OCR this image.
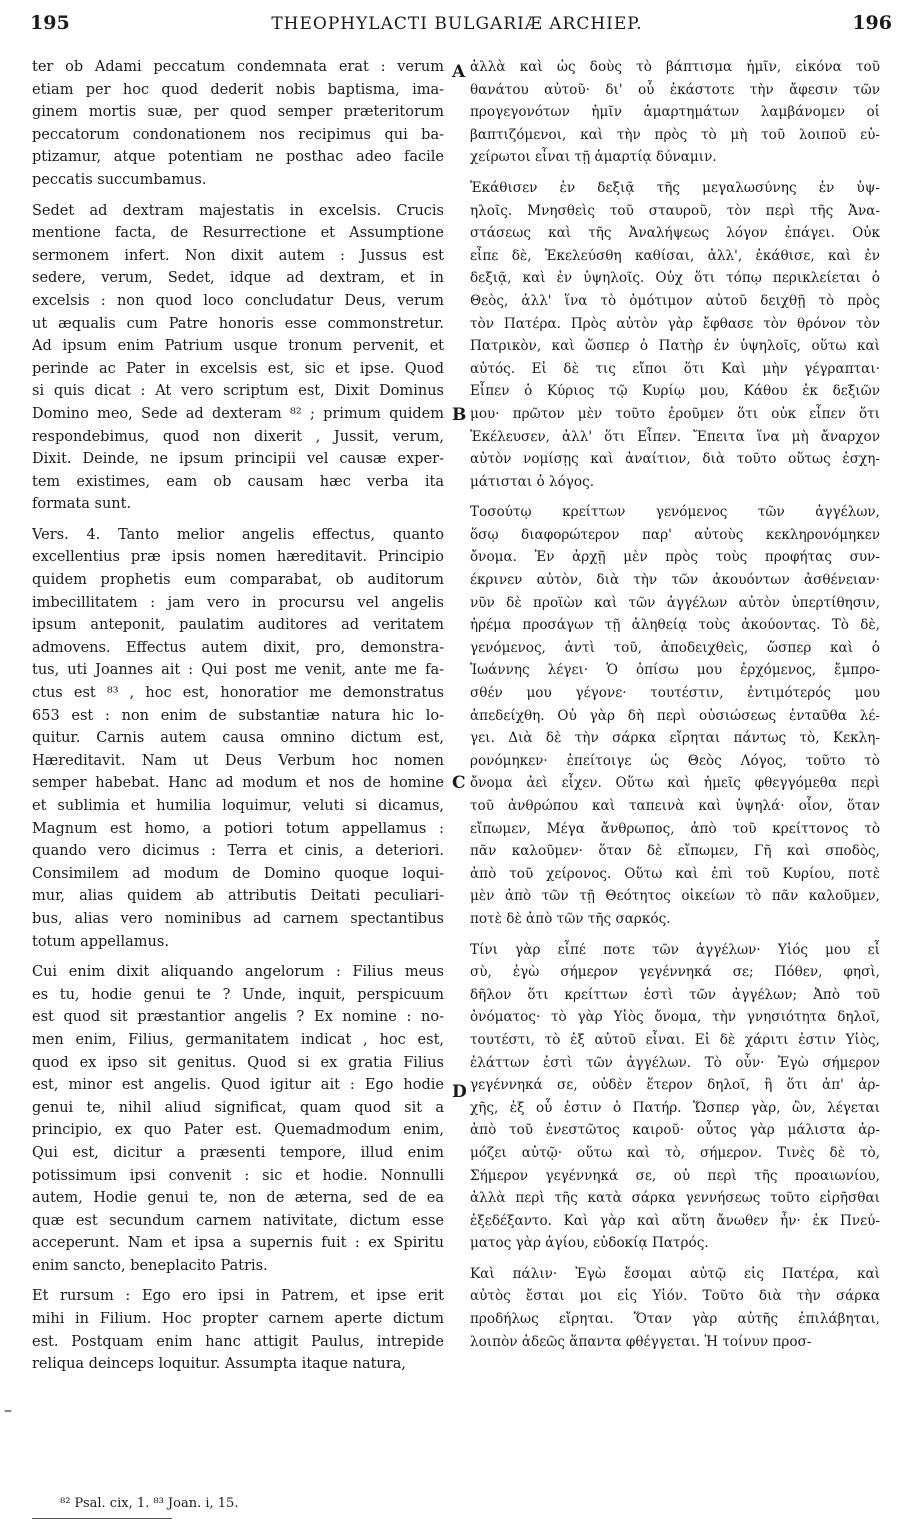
195	THEOPHYLACTI BULGARIÆ ARCHIEP.	196
ter ob Adami peccatum condemnata erat : verum
etiam per hoc quod dederit nobis baptisma, ima-
ginem mortis suæ, per quod semper præteritorum
peccatorum condonationem nos recipimus qui ba-
ptizamur, atque potentiam ne posthac adeo facile
peccatis succumbamus.
Sedet ad dextram majestatis in excelsis. Crucis
mentione facta, de Resurrectione et Assumptione
sermonem infert. Non dixit autem : Jussus est
sedere, verum, Sedet, idque ad dextram, et in
excelsis : non quod loco concludatur Deus, verum
ut æqualis cum Patre honoris esse commonstretur.
Ad ipsum enim Patrium usque tronum pervenit, et
perinde ac Pater in excelsis est, sic et ipse. Quod
si quis dicat : At vero scriptum est, Dixit Dominus
Domino meo, Sede ad dexteram ⁸² ; primum quidem
respondebimus, quod non dixerit , Jussit, verum,
Dixit. Deinde, ne ipsum principii vel causæ exper-
tem existimes, eam ob causam hæc verba ita
formata sunt.
Vers. 4. Tanto melior angelis effectus, quanto
excellentius præ ipsis nomen hæreditavit. Principio
quidem prophetis eum comparabat, ob auditorum
imbecillitatem : jam vero in procursu vel angelis
ipsum anteponit, paulatim auditores ad veritatem
admovens. Effectus autem dixit, pro, demonstra-
tus, uti Joannes ait : Qui post me venit, ante me fa-
ctus est ⁸³ , hoc est, honoratior me demonstratus
653 est : non enim de substantiæ natura hic lo-
quitur. Carnis autem causa omnino dictum est,
Hæreditavit. Nam ut Deus Verbum hoc nomen
semper habebat. Hanc ad modum et nos de homine
et sublimia et humilia loquimur, veluti si dicamus,
Magnum est homo, a potiori totum appellamus :
quando vero dicimus : Terra et cinis, a deteriori.
Consimilem ad modum de Domino quoque loqui-
mur, alias quidem ab attributis Deitati peculiari-
bus, alias vero nominibus ad carnem spectantibus
totum appellamus.
Cui enim dixit aliquando angelorum : Filius meus
es tu, hodie genui te ? Unde, inquit, perspicuum
est quod sit præstantior angelis ? Ex nomine : no-
men enim, Filius, germanitatem indicat , hoc est,
quod ex ipso sit genitus. Quod si ex gratia Filius
est, minor est angelis. Quod igitur ait : Ego hodie
genui te, nihil aliud significat, quam quod sit a
principio, ex quo Pater est. Quemadmodum enim,
Qui est, dicitur a præsenti tempore, illud enim
potissimum ipsi convenit : sic et hodie. Nonnulli
autem, Hodie genui te, non de æterna, sed de ea
quæ est secundum carnem nativitate, dictum esse
acceperunt. Nam et ipsa a supernis fuit : ex Spiritu
enim sancto, beneplacito Patris.
Et rursum : Ego ero ipsi in Patrem, et ipse erit
mihi in Filium. Hoc propter carnem aperte dictum
est. Postquam enim hanc attigit Paulus, intrepide
reliqua deinceps loquitur. Assumpta itaque natura,
ἀλλὰ καὶ ὡς δοὺς τὸ βάπτισμα ἡμῖν, εἰκόνα τοῦ
θανάτου αὐτοῦ· δι' οὗ ἑκάστοτε τὴν ἄφεσιν τῶν
προγεγονότων ἡμῖν ἁμαρτημάτων λαμβάνομεν οἱ
βαπτιζόμενοι, καὶ τὴν πρὸς τὸ μὴ τοῦ λοιποῦ εὐ-
χείρωτοι εἶναι τῇ ἁμαρτίᾳ δύναμιν.
Ἐκάθισεν ἐν δεξιᾷ τῆς μεγαλωσύνης ἐν ὑψ-
ηλοῖς. Μνησθεὶς τοῦ σταυροῦ, τὸν περὶ τῆς Ἀνα-
στάσεως καὶ τῆς Ἀναλήψεως λόγον ἐπάγει. Οὐκ
εἶπε δὲ, Ἐκελεύσθη καθίσαι, ἀλλ', ἐκάθισε, καὶ ἐν
δεξιᾷ, καὶ ἐν ὑψηλοῖς. Οὐχ ὅτι τόπῳ περικλείεται ὁ
Θεὸς, ἀλλ' ἵνα τὸ ὁμότιμον αὐτοῦ δειχθῇ τὸ πρὸς
τὸν Πατέρα. Πρὸς αὐτὸν γὰρ ἔφθασε τὸν θρόνον τὸν
Πατρικὸν, καὶ ὥσπερ ὁ Πατὴρ ἐν ὑψηλοῖς, οὕτω καὶ
αὐτός. Εἰ δὲ τις εἴποι ὅτι Καὶ μὴν γέγραπται·
Εἶπεν ὁ Κύριος τῷ Κυρίῳ μου, Κάθου ἐκ δεξιῶν
μου· πρῶτον μὲν τοῦτο ἐροῦμεν ὅτι οὐκ εἶπεν ὅτι
Ἐκέλευσεν, ἀλλ' ὅτι Εἶπεν. Ἔπειτα ἵνα μὴ ἄναρχον
αὐτὸν νομίσῃς καὶ ἀναίτιον, διὰ τοῦτο οὕτως ἐσχη-
μάτισται ὁ λόγος.
Τοσούτῳ κρείττων γενόμενος τῶν ἀγγέλων,
ὅσῳ διαφορώτερον παρ' αὐτοὺς κεκληρονόμηκεν
ὄνομα. Ἐν ἀρχῇ μὲν πρὸς τοὺς προφήτας συν-
έκρινεν αὐτὸν, διὰ τὴν τῶν ἀκουόντων ἀσθένειαν·
νῦν δὲ προϊὼν καὶ τῶν ἀγγέλων αὐτὸν ὑπερτίθησιν,
ἠρέμα προσάγων τῇ ἀληθείᾳ τοὺς ἀκούοντας. Τὸ δὲ,
γενόμενος, ἀντὶ τοῦ, ἀποδειχθεὶς, ὥσπερ καὶ ὁ
Ἰωάννης λέγει· Ὁ ὀπίσω μου ἐρχόμενος, ἔμπρο-
σθέν μου γέγονε· τουτέστιν, ἐντιμότερός μου
ἀπεδείχθη. Οὐ γὰρ δὴ περὶ οὐσιώσεως ἐνταῦθα λέ-
γει. Διὰ δὲ τὴν σάρκα εἴρηται πάντως τὸ, Κεκλη-
ρονόμηκεν· ἐπείτοιγε ὡς Θεὸς Λόγος, τοῦτο τὸ
ὄνομα ἀεὶ εἶχεν. Οὕτω καὶ ἡμεῖς φθεγγόμεθα περὶ
τοῦ ἀνθρώπου καὶ ταπεινὰ καὶ ὑψηλά· οἷον, ὅταν
εἴπωμεν, Μέγα ἄνθρωπος, ἀπὸ τοῦ κρείττονος τὸ
πᾶν καλοῦμεν· ὅταν δὲ εἴπωμεν, Γῆ καὶ σποδὸς,
ἀπὸ τοῦ χείρονος. Οὕτω καὶ ἐπὶ τοῦ Κυρίου, ποτὲ
μὲν ἀπὸ τῶν τῇ Θεότητος οἰκείων τὸ πᾶν καλοῦμεν,
ποτὲ δὲ ἀπὸ τῶν τῆς σαρκός.
Τίνι γὰρ εἶπέ ποτε τῶν ἀγγέλων· Υἱός μου εἶ
σὺ, ἐγὼ σήμερον γεγέννηκά σε; Πόθεν, φησὶ,
δῆλον ὅτι κρείττων ἐστὶ τῶν ἀγγέλων; Ἀπὸ τοῦ
ὀνόματος· τὸ γὰρ Υἱὸς ὄνομα, τὴν γνησιότητα δηλοῖ,
τουτέστι, τὸ ἐξ αὐτοῦ εἶναι. Εἰ δὲ χάριτι ἐστιν Υἱὸς,
ἐλάττων ἐστὶ τῶν ἀγγέλων. Τὸ οὖν· Ἐγὼ σήμερον
γεγέννηκά σε, οὐδὲν ἕτερον δηλοῖ, ἢ ὅτι ἀπ' ἀρ-
χῆς, ἐξ οὗ ἐστιν ὁ Πατήρ. Ὥσπερ γὰρ, ὢν, λέγεται
ἀπὸ τοῦ ἐνεστῶτος καιροῦ· οὗτος γὰρ μάλιστα ἁρ-
μόζει αὐτῷ· οὕτω καὶ τὸ, σήμερον. Τινὲς δὲ τὸ,
Σήμερον γεγέννηκά σε, οὐ περὶ τῆς προαιωνίου,
ἀλλὰ περὶ τῆς κατὰ σάρκα γεννήσεως τοῦτο εἰρῆσθαι
ἐξεδέξαντο. Καὶ γὰρ καὶ αὕτη ἄνωθεν ἦν· ἐκ Πνεύ-
ματος γὰρ ἁγίου, εὐδοκίᾳ Πατρός.
Καὶ πάλιν· Ἐγὼ ἔσομαι αὐτῷ εἰς Πατέρα, καὶ
αὐτὸς ἔσται μοι εἰς Υἱόν. Τοῦτο διὰ τὴν σάρκα
προδήλως εἴρηται. Ὅταν γὰρ αὐτῆς ἐπιλάβηται,
λοιπὸν ἀδεῶς ἅπαντα φθέγγεται. Ἡ τοίνυν προσ-
A
B
C
D
–
⁸² Psal. cix, 1. ⁸³ Joan. i, 15.
